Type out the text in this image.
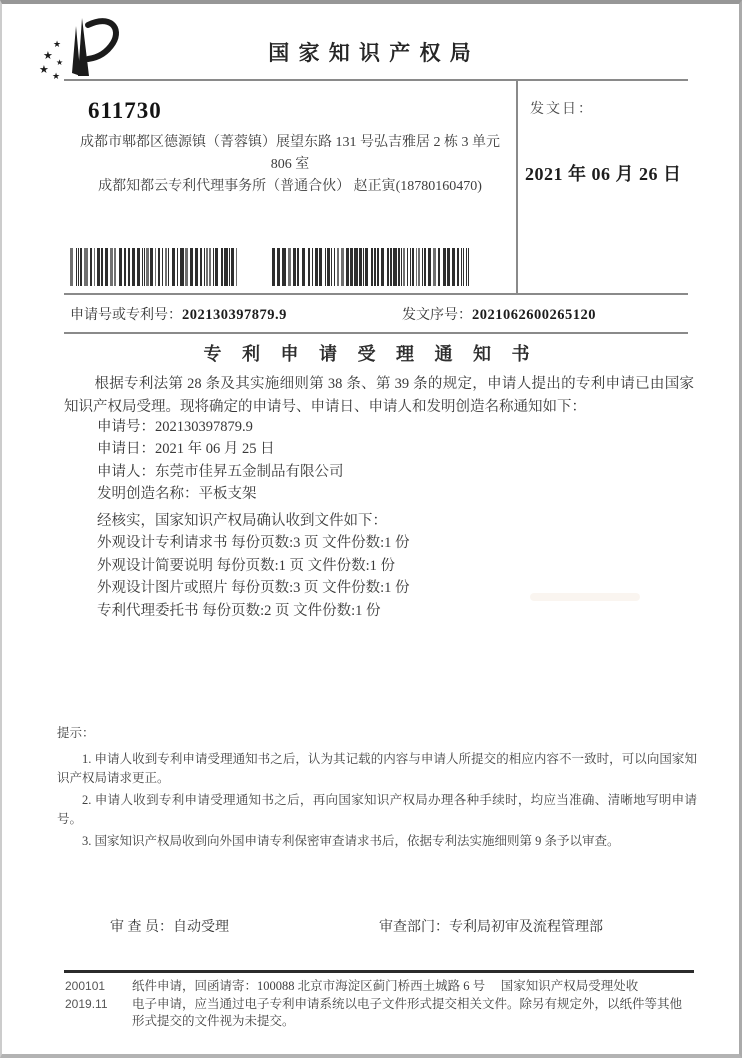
★
★
★
★ ★
国 家 知 识 产 权 局
611730
成都市郫都区德源镇（菁蓉镇）展望东路 131 号弘吉雅居 2 栋 3 单元
806 室
成都知都云专利代理事务所（普通合伙） 赵正寅(18780160470)
发文日：
2021 年 06 月 26 日
申请号或专利号：202130397879.9	发文序号：2021062600265120
专 利 申 请 受 理 通 知 书
根据专利法第 28 条及其实施细则第 38 条、第 39 条的规定，申请人提出的专利申请已由国家知识产权局受理。现将确定的申请号、申请日、申请人和发明创造名称通知如下：
申请号：202130397879.9
申请日：2021 年 06 月 25 日
申请人：东莞市佳昇五金制品有限公司
发明创造名称：平板支架
经核实，国家知识产权局确认收到文件如下：
外观设计专利请求书 每份页数:3 页 文件份数:1 份
外观设计简要说明 每份页数:1 页 文件份数:1 份
外观设计图片或照片 每份页数:3 页 文件份数:1 份
专利代理委托书 每份页数:2 页 文件份数:1 份

提示：

1. 申请人收到专利申请受理通知书之后，认为其记载的内容与申请人所提交的相应内容不一致时，可以向国家知识产权局请求更正。

2. 申请人收到专利申请受理通知书之后，再向国家知识产权局办理各种手续时，均应当准确、清晰地写明申请号。

3. 国家知识产权局收到向外国申请专利保密审查请求书后，依据专利法实施细则第 9 条予以审查。

审 查 员：自动受理	审查部门：专利局初审及流程管理部
200101
2019.11
纸件申请，回函请寄：100088 北京市海淀区蓟门桥西土城路 6 号　 国家知识产权局受理处收
电子申请，应当通过电子专利申请系统以电子文件形式提交相关文件。除另有规定外，以纸件等其他形式提交的文件视为未提交。
